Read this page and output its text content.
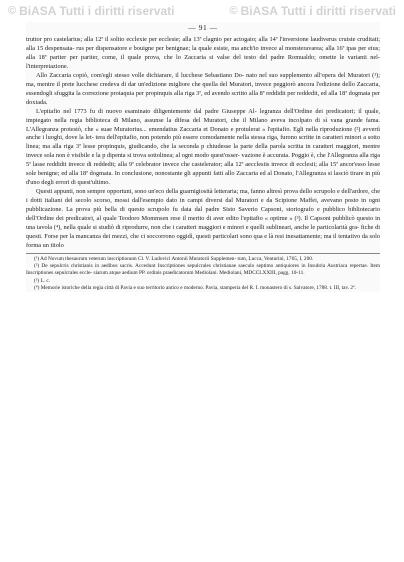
© BiASA Tutti i diritti riservati	© BiASA Tutti i diritti riservati
— 91 —

truttor pro castelarius; alla 12ª il solito ecclexie per ecclesie; alla 13ª clagnio per actogaio; alla 14ª l'inversione laudiverus cruiste cruditati; alla 15 despensata- rus per dispensatore e bouigne per benignae; la quale esiste, ma anch'io invece al monsteravarea; alla 16ª ipas per eius; alla 18ª pariter per pariter, come, il quale prova, che lo Zaccaria si valse del testo del padre Romualdo; omette le varianti nel- l'interpretazione.

Allo Zaccaria copiò, com'egli stesso volle dichiarare, il lucchese Sebastiano Do- nato nel suo supplemento all'opera del Muratori (¹); ma, mentre il prete lucchese credeva di dar un'edizione migliore che quella del Muratori, invece peggiorò ancora l'edizione dello Zaccaria, essendogli sfuggita la correzione protaquia per propinquis alla riga 3ª, ed avendo scritto alla 8ª reddidit per reddedit, ed alla 18ª dogmata per doxiada.

L'epitafio nel 1773 fu di nuovo esaminato diligentemente dal padre Giuseppe Al- legranza dell'Ordine dei predicatori; il quale, impiegato nella regia biblioteca di Milano, assunse la difesa del Muratori, che il Milano aveva incolpato di sì vana grande fama. L'Allegranza protestò, che « suae Muratorius... emendatius Zaccaria et Donato e protulerat » l'epitafio. Egli nella riproduzione (²) avvertì anche i luoghi, dove la let- tera dell'epitafio, non potendo più essere comodamente nella stessa riga, furono scritte in caratteri minori a sotto linea; ma alla riga 3ª lesse propinquis, giudicando, che la seconda p chiudesse la parte della parola scritta in caratteri maggiori, mentre invece sola non è visibile e la p dipenta si trova sottolinea; al ogni modo quest'osser- vazione è accurata. Poggio è, che l'Allegranza alla riga 5ª lasse reddidit invece di reddedit; alla 9ª celebrator invece che castelerator; alla 12ª aecclesiis invece di ecclesii; alla 15ª ancor'esso lesse sole benigne; ed alla 18ª dogmata. In conclusione, nonostante gli appunti fatti allo Zaccaria ed al Donato, l'Allegranza si lasciò tirare in più d'uno degli errori di quest'ultimo.

Questi appunti, non sempre opportuni, sono un'eco della guarnigiosità letteraria; ma, fanno altresì prova dello scrupolo e dell'ardore, che i dotti italiani del secolo scorso, mossi dall'esempio dato in campi diversi dal Muratori e da Scipione Maffei, avevano posto in ogni pubblicazione. La prova più bella di questo scrupolo fu data dal padre Sisto Saverio Capsoni, storiografo e pubblico bibliotecario dell'Ordine dei predicatori, al quale Teodoro Mommsen rese il merito di aver edito l'epitafio « optime » (³). Il Capsoni pubblicò questo in una tavola (⁴), nella quale si studiò di riprodurre, non che i caratteri maggiori e minori e quelli sublineari, anche le particolarità gra- fiche di questi. Forse per la mancanza dei mezzi, che ci soccorrono oggidì, questi particolari sono qua e là resi inesattamente; ma il tentativo da solo forma un titolo

(¹) Ad Novum thesaurum veterum inscriptionum Cl. V. Ludovici Antonii Muratorii Supplemen- tum, Lucca, Venturini, 1765, I, 200.

(²) De sepulcris christianis in aedibus sacris. Accedunt Inscriptiones sepulcrales christianae saeculo septimo antiquiores in Insubria Austriaca repertae. Item Inscriptiones sepulcrales eccle- siarum atque aedium PP. ordinis praedicatorum Mediolani. Mediolani, MDCCLXXIII, pagg. 10-11.

(³) L. c.

(⁴) Memorie istoriche della regia città di Pavia e suo territorio antico e moderno. Pavia, stamperia del R. I. monastero di s. Salvatore, 1788. t. III, tav. 2ª.
